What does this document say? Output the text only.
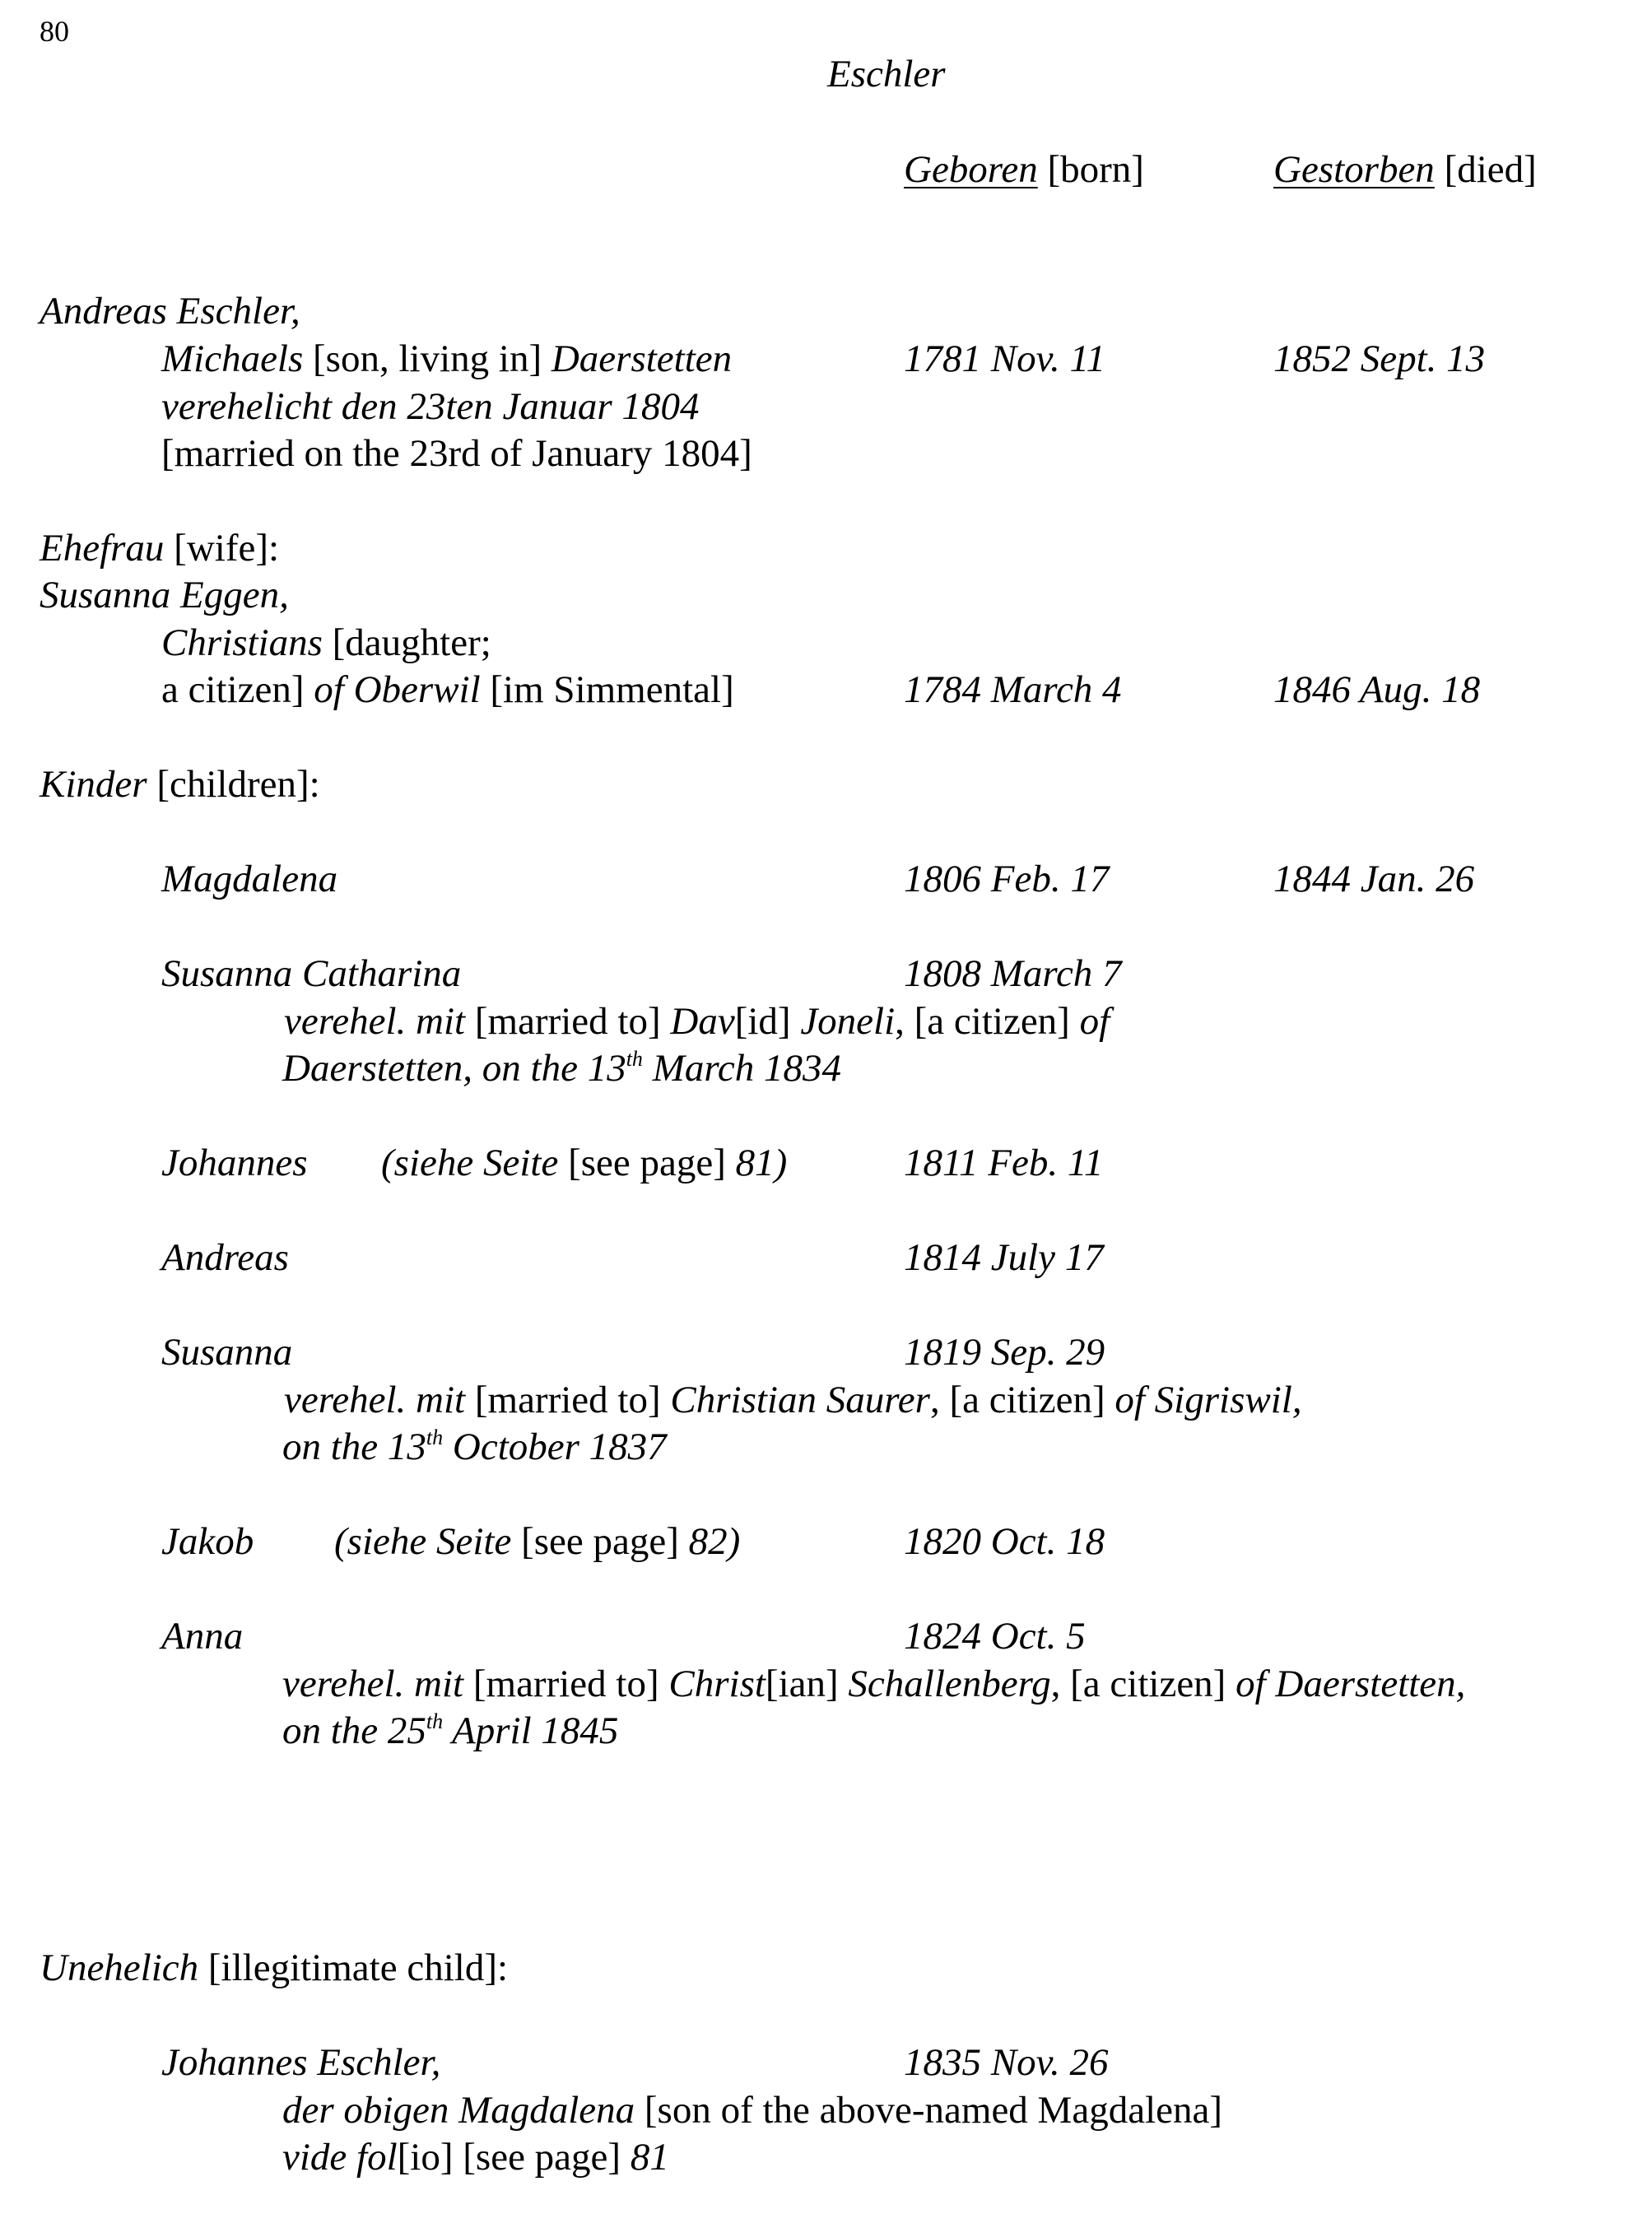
80
Eschler
Geboren [born]	Gestorben [died]
Andreas Eschler,
Michaels [son, living in] Daerstetten	1781 Nov. 11	1852 Sept. 13
verehelicht den 23ten Januar 1804
[married on the 23rd of January 1804]
Ehefrau [wife]:
Susanna Eggen,
Christians [daughter;
a citizen] of Oberwil [im Simmental]	1784 March 4	1846 Aug. 18
Kinder [children]:
Magdalena	1806 Feb. 17	1844 Jan. 26
Susanna Catharina	1808 March 7
verehel. mit [married to] Dav[id] Joneli, [a citizen] of
Daerstetten, on the 13th March 1834
Johannes (siehe Seite [see page] 81)	1811 Feb. 11
Andreas	1814 July 17
Susanna	1819 Sep. 29
verehel. mit [married to] Christian Saurer, [a citizen] of Sigriswil,
on the 13th October 1837
Jakob (siehe Seite [see page] 82)	1820 Oct. 18
Anna	1824 Oct. 5
verehel. mit [married to] Christ[ian] Schallenberg, [a citizen] of Daerstetten,
on the 25th April 1845
Unehelich [illegitimate child]:
Johannes Eschler,	1835 Nov. 26
der obigen Magdalena [son of the above-named Magdalena]
vide fol[io] [see page] 81
